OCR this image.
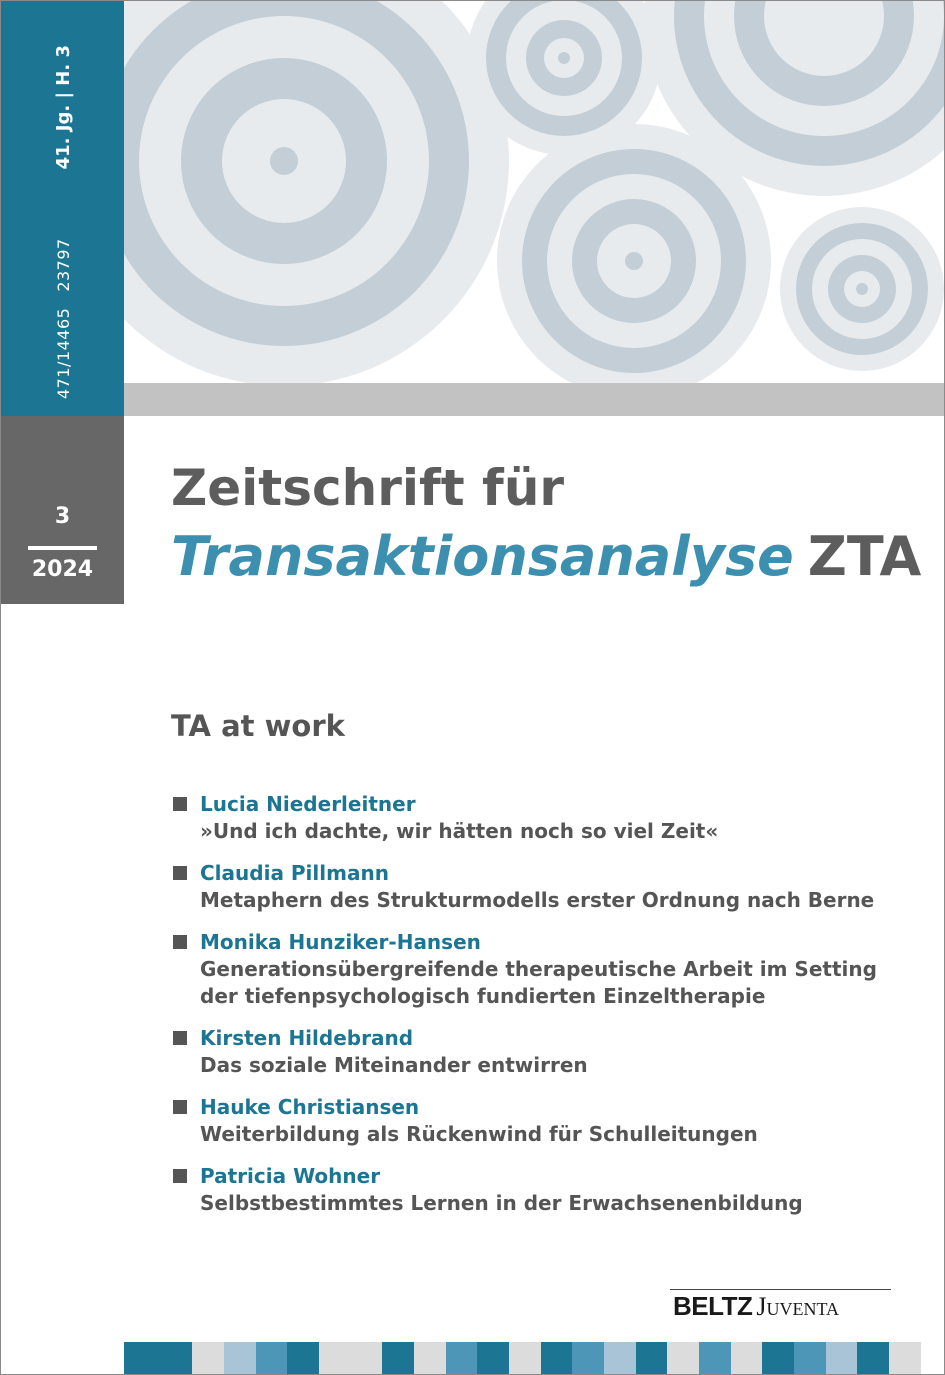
471/14465
23797
41. Jg. | H. 3
3
2024
Zeitschrift für
Transaktionsanalyse ZTA
TA at work
Lucia Niederleitner
»Und ich dachte, wir hätten noch so viel Zeit«
Claudia Pillmann
Metaphern des Strukturmodells erster Ordnung nach Berne
Monika Hunziker-Hansen
Generationsübergreifende therapeutische Arbeit im Setting der tiefenpsychologisch fundierten Einzeltherapie
Kirsten Hildebrand
Das soziale Miteinander entwirren
Hauke Christiansen
Weiterbildung als Rückenwind für Schulleitungen
Patricia Wohner
Selbstbestimmtes Lernen in der Erwachsenenbildung
BELTZ Juventa
